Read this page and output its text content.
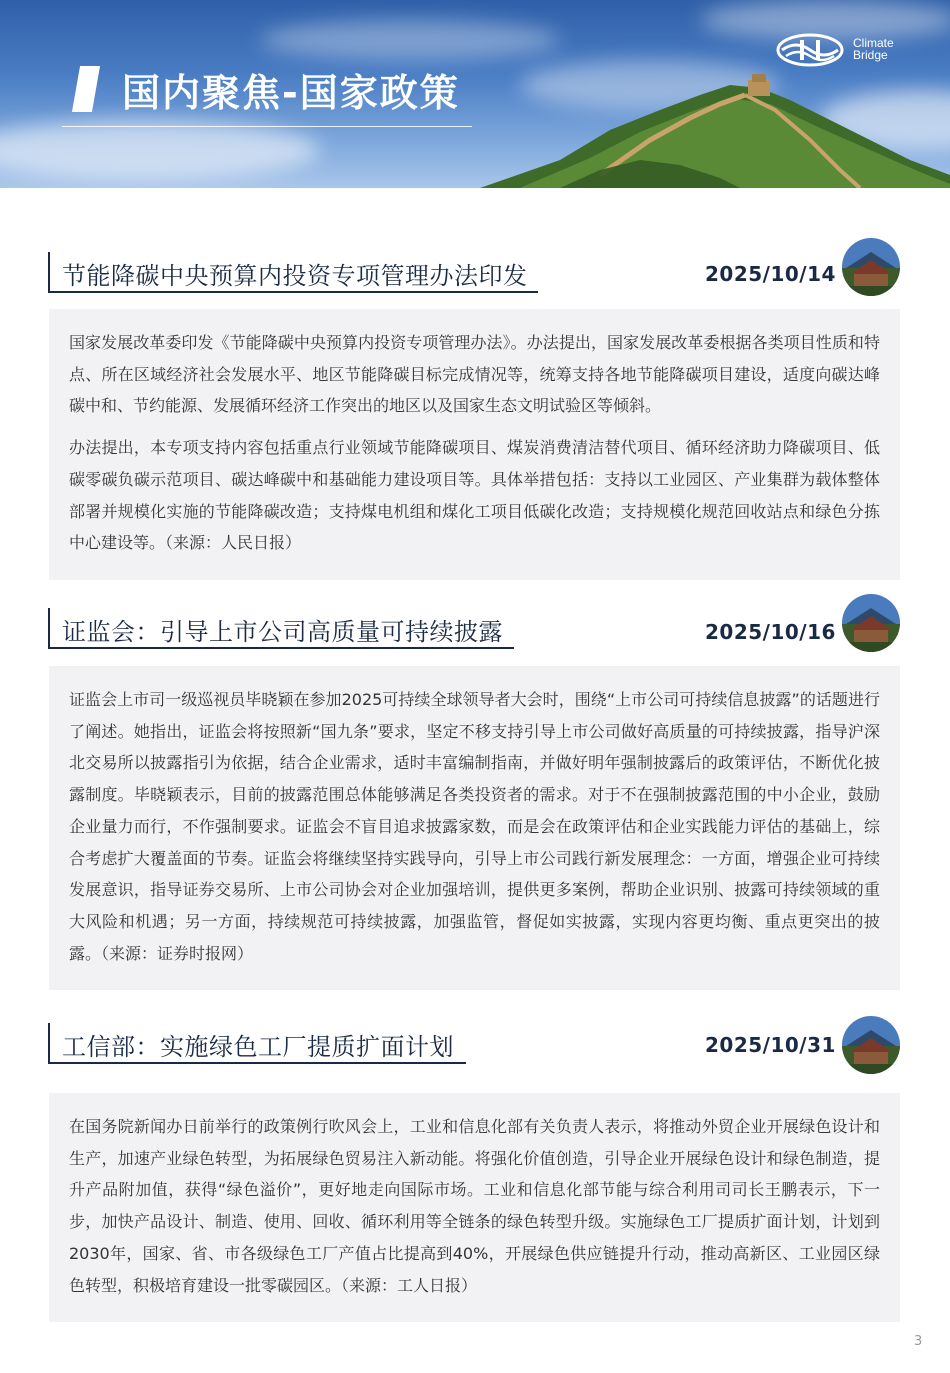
国内聚焦-国家政策
Climate
Bridge
节能降碳中央预算内投资专项管理办法印发	2025/10/14

国家发展改革委印发《节能降碳中央预算内投资专项管理办法》。办法提出，国家发展改革委根据各类项目性质和特点、所在区域经济社会发展水平、地区节能降碳目标完成情况等，统筹支持各地节能降碳项目建设，适度向碳达峰碳中和、节约能源、发展循环经济工作突出的地区以及国家生态文明试验区等倾斜。

办法提出，本专项支持内容包括重点行业领域节能降碳项目、煤炭消费清洁替代项目、循环经济助力降碳项目、低碳零碳负碳示范项目、碳达峰碳中和基础能力建设项目等。具体举措包括：支持以工业园区、产业集群为载体整体部署并规模化实施的节能降碳改造；支持煤电机组和煤化工项目低碳化改造；支持规模化规范回收站点和绿色分拣中心建设等。（来源：人民日报）

证监会：引导上市公司高质量可持续披露	2025/10/16

证监会上市司一级巡视员毕晓颖在参加2025可持续全球领导者大会时，围绕“上市公司可持续信息披露”的话题进行了阐述。她指出，证监会将按照新“国九条”要求，坚定不移支持引导上市公司做好高质量的可持续披露，指导沪深北交易所以披露指引为依据，结合企业需求，适时丰富编制指南，并做好明年强制披露后的政策评估，不断优化披露制度。毕晓颖表示，目前的披露范围总体能够满足各类投资者的需求。对于不在强制披露范围的中小企业，鼓励企业量力而行，不作强制要求。证监会不盲目追求披露家数，而是会在政策评估和企业实践能力评估的基础上，综合考虑扩大覆盖面的节奏。证监会将继续坚持实践导向，引导上市公司践行新发展理念：一方面，增强企业可持续发展意识，指导证券交易所、上市公司协会对企业加强培训，提供更多案例，帮助企业识别、披露可持续领域的重大风险和机遇；另一方面，持续规范可持续披露，加强监管，督促如实披露，实现内容更均衡、重点更突出的披露。（来源：证券时报网）

工信部：实施绿色工厂提质扩面计划	2025/10/31

在国务院新闻办日前举行的政策例行吹风会上，工业和信息化部有关负责人表示，将推动外贸企业开展绿色设计和生产，加速产业绿色转型，为拓展绿色贸易注入新动能。将强化价值创造，引导企业开展绿色设计和绿色制造，提升产品附加值，获得“绿色溢价”，更好地走向国际市场。工业和信息化部节能与综合利用司司长王鹏表示，下一步，加快产品设计、制造、使用、回收、循环利用等全链条的绿色转型升级。实施绿色工厂提质扩面计划，计划到2030年，国家、省、市各级绿色工厂产值占比提高到40%，开展绿色供应链提升行动，推动高新区、工业园区绿色转型，积极培育建设一批零碳园区。（来源：工人日报）

3
